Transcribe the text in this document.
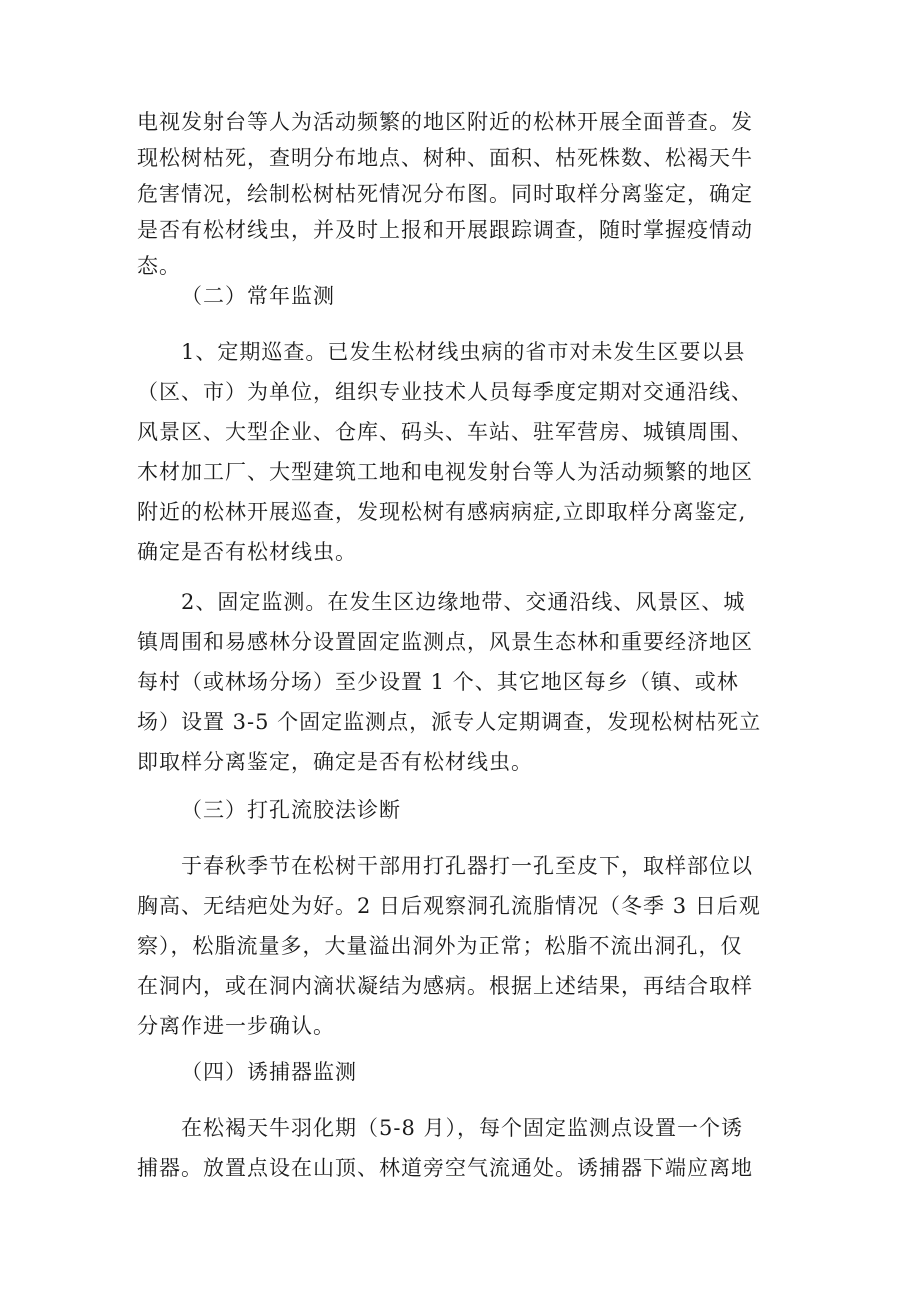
电视发射台等人为活动频繁的地区附近的松林开展全面普查。发
现松树枯死，查明分布地点、树种、面积、枯死株数、松褐天牛
危害情况，绘制松树枯死情况分布图。同时取样分离鉴定，确定
是否有松材线虫，并及时上报和开展跟踪调查，随时掌握疫情动
态。

（二）常年监测

1、定期巡查。已发生松材线虫病的省市对未发生区要以县
（区、市）为单位，组织专业技术人员每季度定期对交通沿线、
风景区、大型企业、仓库、码头、车站、驻军营房、城镇周围、
木材加工厂、大型建筑工地和电视发射台等人为活动频繁的地区
附近的松林开展巡查，发现松树有感病病症,立即取样分离鉴定,
确定是否有松材线虫。

2、固定监测。在发生区边缘地带、交通沿线、风景区、城
镇周围和易感林分设置固定监测点，风景生态林和重要经济地区
每村（或林场分场）至少设置 1 个、其它地区每乡（镇、或林
场）设置 3-5 个固定监测点，派专人定期调查，发现松树枯死立
即取样分离鉴定，确定是否有松材线虫。

（三）打孔流胶法诊断

于春秋季节在松树干部用打孔器打一孔至皮下，取样部位以
胸高、无结疤处为好。2 日后观察洞孔流脂情况（冬季 3 日后观
察），松脂流量多，大量溢出洞外为正常；松脂不流出洞孔，仅
在洞内，或在洞内滴状凝结为感病。根据上述结果，再结合取样
分离作进一步确认。

（四）诱捕器监测

在松褐天牛羽化期（5-8 月），每个固定监测点设置一个诱
捕器。放置点设在山顶、林道旁空气流通处。诱捕器下端应离地
